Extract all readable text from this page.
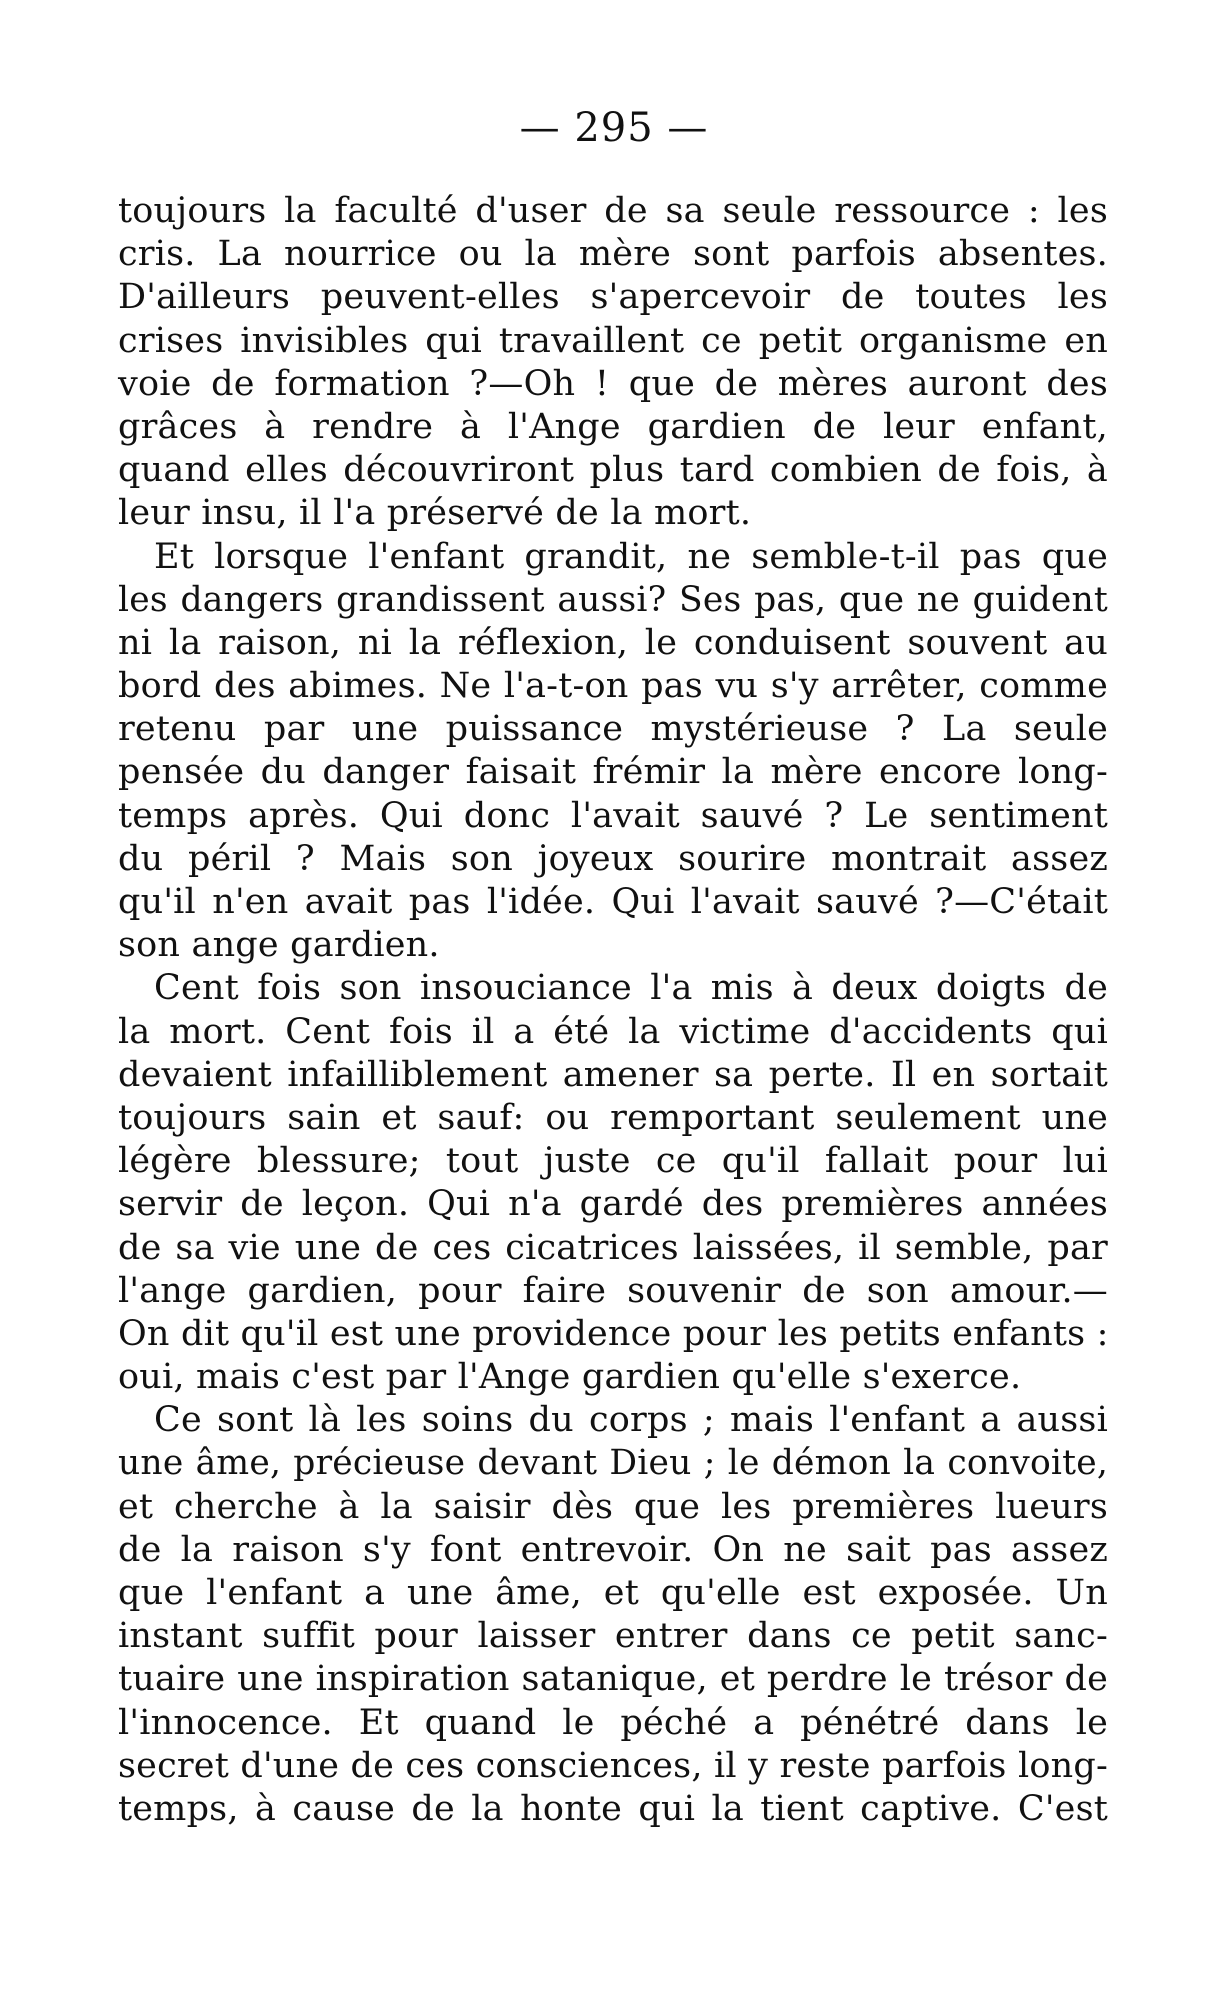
— 295 —
toujours la faculté d'user de sa seule ressource : les
cris. La nourrice ou la mère sont parfois absentes.
D'ailleurs peuvent-elles s'apercevoir de toutes les
crises invisibles qui travaillent ce petit organisme en
voie de formation ?—Oh ! que de mères auront des
grâces à rendre à l'Ange gardien de leur enfant,
quand elles découvriront plus tard combien de fois, à
leur insu, il l'a préservé de la mort.
Et lorsque l'enfant grandit, ne semble-t-il pas que
les dangers grandissent aussi? Ses pas, que ne guident
ni la raison, ni la réflexion, le conduisent souvent au
bord des abimes. Ne l'a-t-on pas vu s'y arrêter, comme
retenu par une puissance mystérieuse ? La seule
pensée du danger faisait frémir la mère encore long-
temps après. Qui donc l'avait sauvé ? Le sentiment
du péril ? Mais son joyeux sourire montrait assez
qu'il n'en avait pas l'idée. Qui l'avait sauvé ?—C'était
son ange gardien.
Cent fois son insouciance l'a mis à deux doigts de
la mort. Cent fois il a été la victime d'accidents qui
devaient infailliblement amener sa perte. Il en sortait
toujours sain et sauf: ou remportant seulement une
légère blessure; tout juste ce qu'il fallait pour lui
servir de leçon. Qui n'a gardé des premières années
de sa vie une de ces cicatrices laissées, il semble, par
l'ange gardien, pour faire souvenir de son amour.—
On dit qu'il est une providence pour les petits enfants :
oui, mais c'est par l'Ange gardien qu'elle s'exerce.
Ce sont là les soins du corps ; mais l'enfant a aussi
une âme, précieuse devant Dieu ; le démon la convoite,
et cherche à la saisir dès que les premières lueurs
de la raison s'y font entrevoir. On ne sait pas assez
que l'enfant a une âme, et qu'elle est exposée. Un
instant suffit pour laisser entrer dans ce petit sanc-
tuaire une inspiration satanique, et perdre le trésor de
l'innocence. Et quand le péché a pénétré dans le
secret d'une de ces consciences, il y reste parfois long-
temps, à cause de la honte qui la tient captive. C'est
